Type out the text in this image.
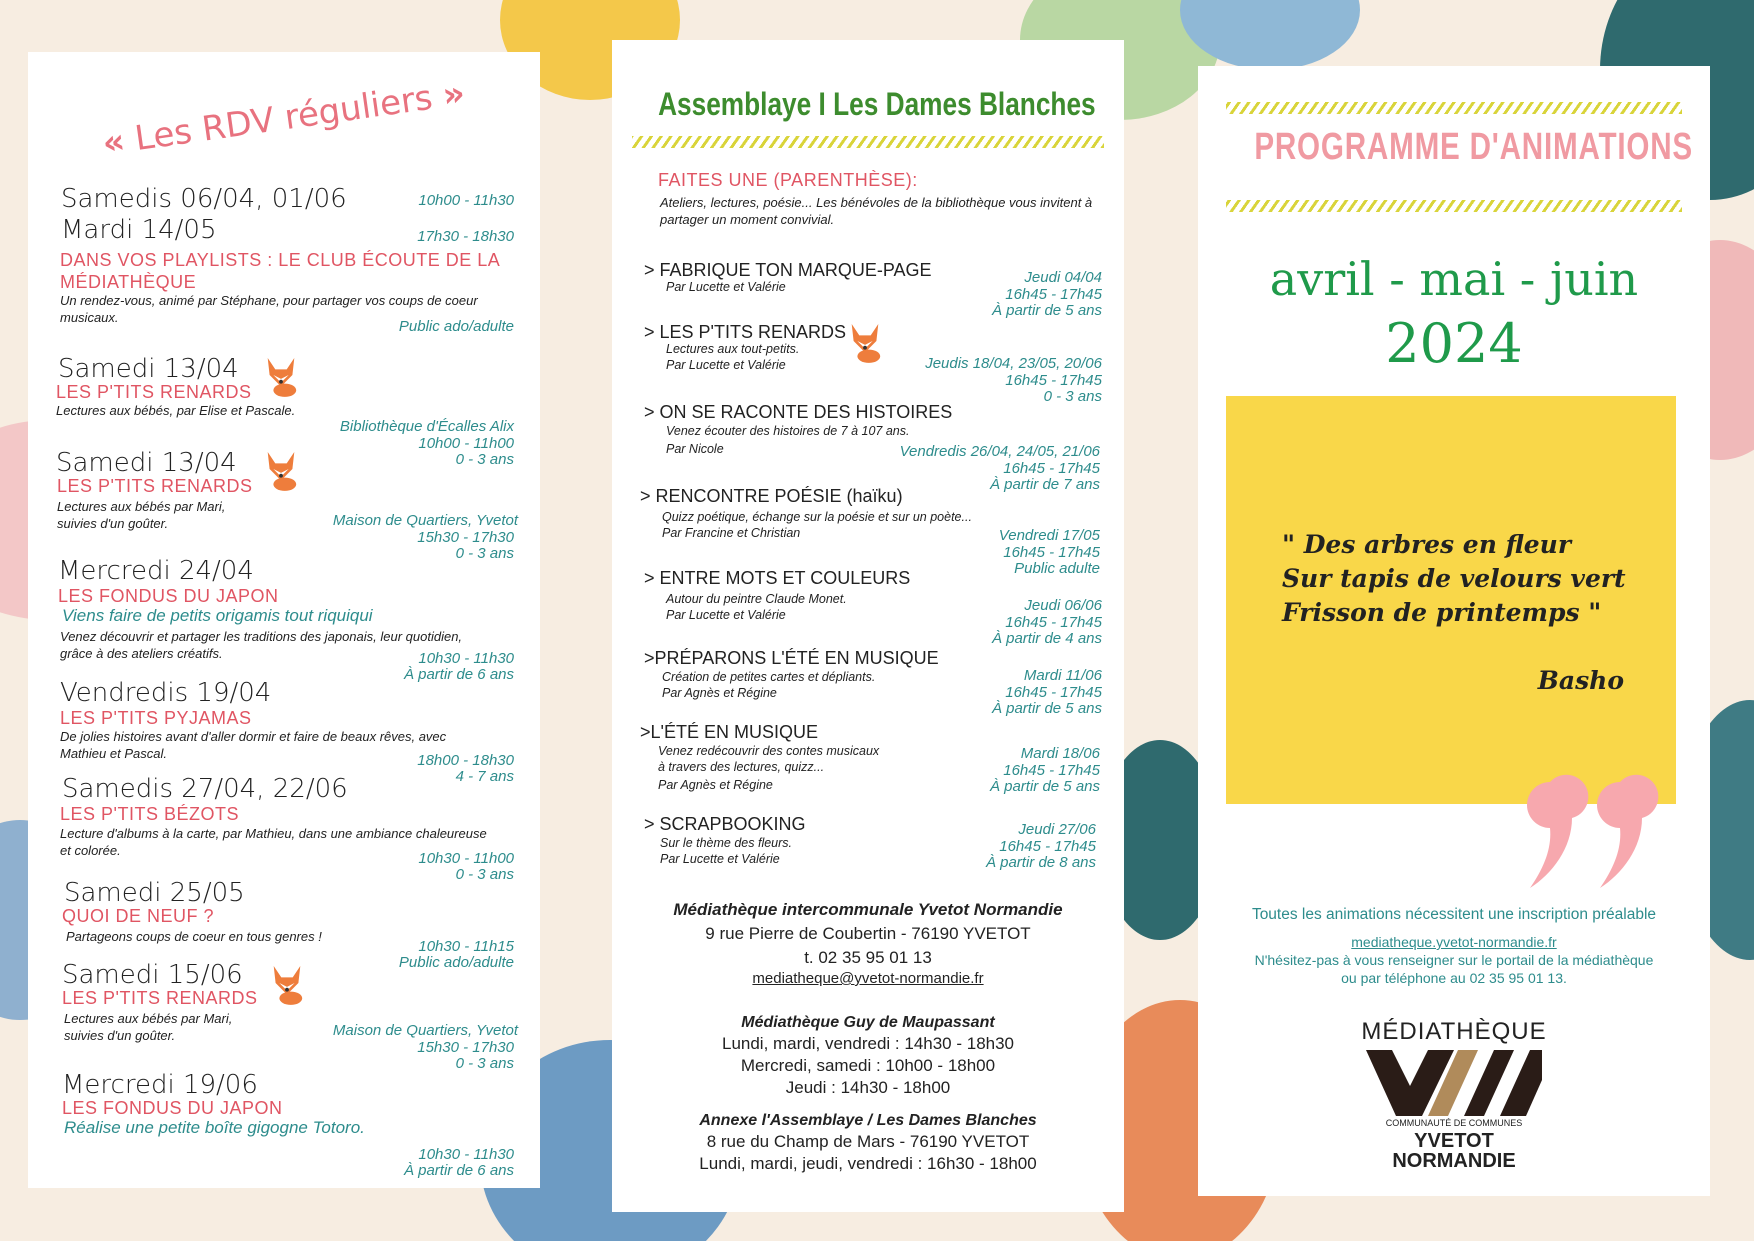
« Les RDV réguliers »
Samedis 06/04, 01/06	10h00 - 11h30
Mardi 14/05	17h30 - 18h30
DANS VOS PLAYLISTS : LE CLUB ÉCOUTE DE LA
MÉDIATHÈQUE
Un rendez-vous, animé par Stéphane, pour partager vos coups de coeur musicaux.
Public ado/adulte
Samedi 13/04
LES P'TITS RENARDS
Lectures aux bébés, par Elise et Pascale.
Bibliothèque d'Écalles Alix
10h00 - 11h00
0 - 3 ans
Samedi 13/04
LES P'TITS RENARDS
Lectures aux bébés par Mari, suivies d'un goûter.	Maison de Quartiers, Yvetot
15h30 - 17h30
0 - 3 ans
Mercredi 24/04
LES FONDUS DU JAPON
Viens faire de petits origamis tout riquiqui
Venez découvrir et partager les traditions des japonais, leur quotidien, grâce à des ateliers créatifs.	10h30 - 11h30
À partir de 6 ans
Vendredis 19/04
LES P'TITS PYJAMAS
De jolies histoires avant d'aller dormir et faire de beaux rêves, avec Mathieu et Pascal.	18h00 - 18h30
4 - 7 ans
Samedis 27/04, 22/06
LES P'TITS BÉZOTS
Lecture d'albums à la carte, par Mathieu, dans une ambiance chaleureuse et colorée.	10h30 - 11h00
0 - 3 ans
Samedi 25/05
QUOI DE NEUF ?
Partageons coups de coeur en tous genres !
10h30 - 11h15
Public ado/adulte
Samedi 15/06
LES P'TITS RENARDS
Lectures aux bébés par Mari, suivies d'un goûter.	Maison de Quartiers, Yvetot
15h30 - 17h30
0 - 3 ans
Mercredi 19/06
LES FONDUS DU JAPON
Réalise une petite boîte gigogne Totoro.
10h30 - 11h30
À partir de 6 ans
Assemblaye I Les Dames Blanches
FAITES UNE (PARENTHÈSE):
Ateliers, lectures, poésie... Les bénévoles de la bibliothèque vous invitent à partager un moment convivial.
> FABRIQUE TON MARQUE-PAGE
Par Lucette et Valérie
Jeudi 04/04
16h45 - 17h45
À partir de 5 ans
> LES P'TITS RENARDS
Lectures aux tout-petits.
Par Lucette et Valérie	Jeudis 18/04, 23/05, 20/06
16h45 - 17h45
0 - 3 ans
> ON SE RACONTE DES HISTOIRES
Venez écouter des histoires de 7 à 107 ans.
Par Nicole	Vendredis 26/04, 24/05, 21/06
16h45 - 17h45
À partir de 7 ans
> RENCONTRE POÉSIE (haïku)
Quizz poétique, échange sur la poésie et sur un poète...
Par Francine et Christian	Vendredi 17/05
16h45 - 17h45
Public adulte
> ENTRE MOTS ET COULEURS
Autour du peintre Claude Monet.
Par Lucette et Valérie
Jeudi 06/06
16h45 - 17h45
À partir de 4 ans
>PRÉPARONS L'ÉTÉ EN MUSIQUE
Création de petites cartes et dépliants.
Par Agnès et Régine
Mardi 11/06
16h45 - 17h45
À partir de 5 ans
>L'ÉTÉ EN MUSIQUE
Venez redécouvrir des contes musicaux
à travers des lectures, quizz...
Par Agnès et Régine
Mardi 18/06
16h45 - 17h45
À partir de 5 ans
> SCRAPBOOKING
Sur le thème des fleurs.
Par Lucette et Valérie
Jeudi 27/06
16h45 - 17h45
À partir de 8 ans
Médiathèque intercommunale Yvetot Normandie
9 rue Pierre de Coubertin - 76190 YVETOT
t. 02 35 95 01 13
mediatheque@yvetot-normandie.fr
Médiathèque Guy de Maupassant
Lundi, mardi, vendredi : 14h30 - 18h30
Mercredi, samedi : 10h00 - 18h00
Jeudi : 14h30 - 18h00
Annexe l'Assemblaye / Les Dames Blanches
8 rue du Champ de Mars - 76190 YVETOT
Lundi, mardi, jeudi, vendredi : 16h30 - 18h00
PROGRAMME D'ANIMATIONS
avril - mai - juin
2024
" Des arbres en fleur
Sur tapis de velours vert
Frisson de printemps "
Basho
Toutes les animations nécessitent une inscription préalable
mediatheque.yvetot-normandie.fr
N'hésitez-pas à vous renseigner sur le portail de la médiathèque
ou par téléphone au 02 35 95 01 13.
MÉDIATHÈQUE
COMMUNAUTÉ DE COMMUNES
YVETOT
NORMANDIE
